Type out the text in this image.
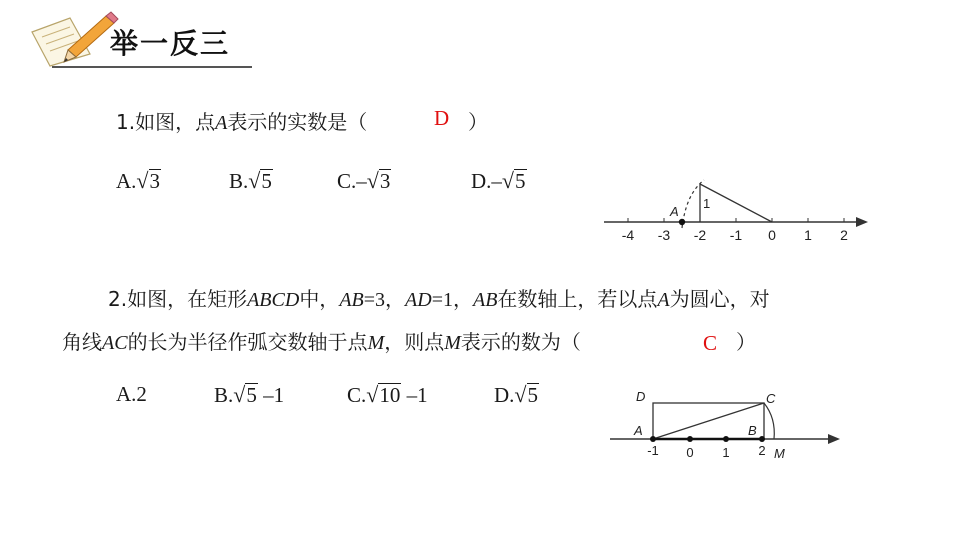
举一反三
1.如图，点A表示的实数是（	D ）
A.√3	B.√5	C.–√3	D.–√5
-4 -3 -2 -1 0 1 2
A
1
2.如图，在矩形ABCD中，AB=3，AD=1，AB在数轴上，若以点A为圆心，对
角线AC的长为半径作弧交数轴于点M，则点M表示的数为（	C ）
A.2	B.√5 –1	C.√10 –1	D.√5	D	C
A	B
M
-1 0 1 2
